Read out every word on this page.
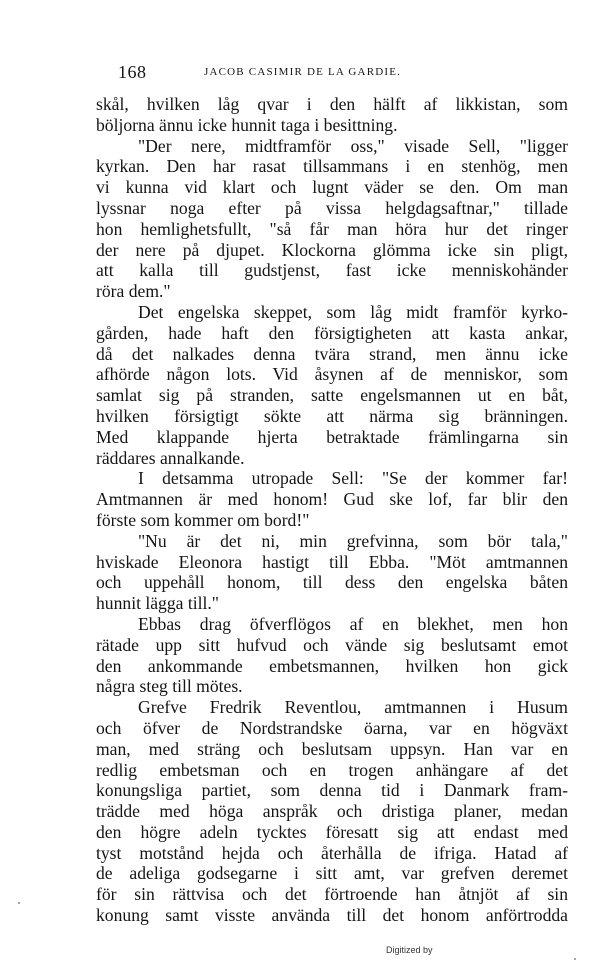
168	JACOB CASIMIR DE LA GARDIE.
skål, hvilken låg qvar i den hälft af likkistan, som
böljorna ännu icke hunnit taga i besittning.
"Der nere, midtframför oss," visade Sell, "ligger
kyrkan. Den har rasat tillsammans i en stenhög, men
vi kunna vid klart och lugnt väder se den. Om man
lyssnar noga efter på vissa helgdagsaftnar," tillade
hon hemlighetsfullt, "så får man höra hur det ringer
der nere på djupet. Klockorna glömma icke sin pligt,
att kalla till gudstjenst, fast icke menniskohänder
röra dem."
Det engelska skeppet, som låg midt framför kyrko-
gården, hade haft den försigtigheten att kasta ankar,
då det nalkades denna tvära strand, men ännu icke
afhörde någon lots. Vid åsynen af de menniskor, som
samlat sig på stranden, satte engelsmannen ut en båt,
hvilken försigtigt sökte att närma sig bränningen.
Med klappande hjerta betraktade främlingarna sin
räddares annalkande.
I detsamma utropade Sell: "Se der kommer far!
Amtmannen är med honom! Gud ske lof, far blir den
förste som kommer om bord!"
"Nu är det ni, min grefvinna, som bör tala,"
hviskade Eleonora hastigt till Ebba. "Möt amtmannen
och uppehåll honom, till dess den engelska båten
hunnit lägga till."
Ebbas drag öfverflögos af en blekhet, men hon
rätade upp sitt hufvud och vände sig beslutsamt emot
den ankommande embetsmannen, hvilken hon gick
några steg till mötes.
Grefve Fredrik Reventlou, amtmannen i Husum
och öfver de Nordstrandske öarna, var en högväxt
man, med sträng och beslutsam uppsyn. Han var en
redlig embetsman och en trogen anhängare af det
konungsliga partiet, som denna tid i Danmark fram-
trädde med höga anspråk och dristiga planer, medan
den högre adeln tycktes föresatt sig att endast med
tyst motstånd hejda och återhålla de ifriga. Hatad af
de adeliga godsegarne i sitt amt, var grefven deremet
för sin rättvisa och det förtroende han åtnjöt af sin
konung samt visste använda till det honom anförtrodda
Digitized by
